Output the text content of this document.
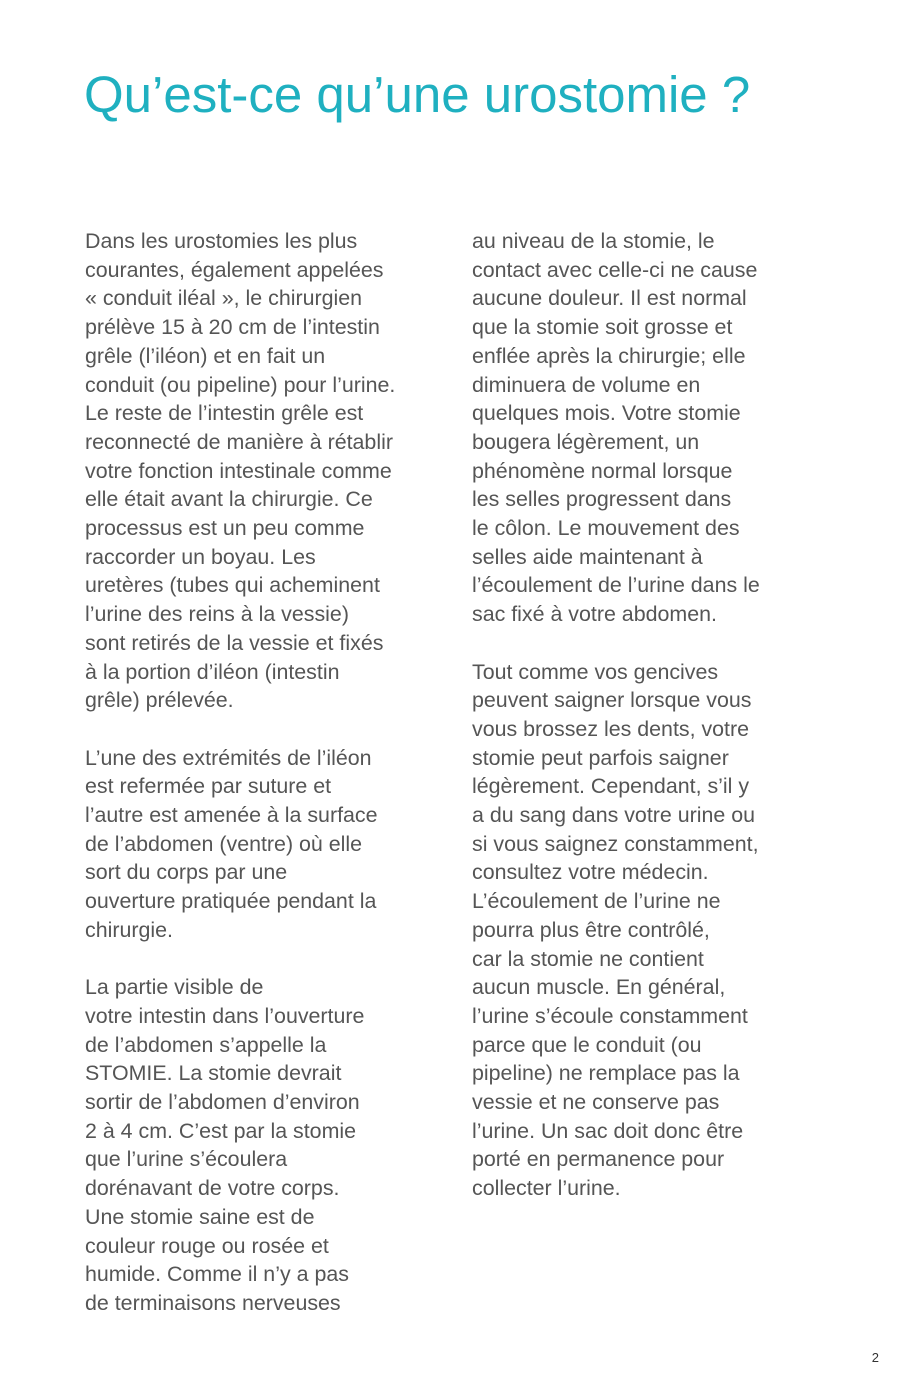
Qu’est-ce qu’une urostomie ?
Dans les urostomies les plus
courantes, également appelées
« conduit iléal », le chirurgien
prélève 15 à 20 cm de l’intestin
grêle (l’iléon) et en fait un
conduit (ou pipeline) pour l’urine.
Le reste de l’intestin grêle est
reconnecté de manière à rétablir
votre fonction intestinale comme
elle était avant la chirurgie. Ce
processus est un peu comme
raccorder un boyau. Les
uretères (tubes qui acheminent
l’urine des reins à la vessie)
sont retirés de la vessie et fixés
à la portion d’iléon (intestin
grêle) prélevée.
L’une des extrémités de l’iléon
est refermée par suture et
l’autre est amenée à la surface
de l’abdomen (ventre) où elle
sort du corps par une
ouverture pratiquée pendant la
chirurgie.
La partie visible de
votre intestin dans l’ouverture
de l’abdomen s’appelle la
STOMIE. La stomie devrait
sortir de l’abdomen d’environ
2 à 4 cm. C’est par la stomie
que l’urine s’écoulera
dorénavant de votre corps.
Une stomie saine est de
couleur rouge ou rosée et
humide. Comme il n’y a pas
de terminaisons nerveuses
au niveau de la stomie, le
contact avec celle-ci ne cause
aucune douleur. Il est normal
que la stomie soit grosse et
enflée après la chirurgie; elle
diminuera de volume en
quelques mois. Votre stomie
bougera légèrement, un
phénomène normal lorsque
les selles progressent dans
le côlon. Le mouvement des
selles aide maintenant à
l’écoulement de l’urine dans le
sac fixé à votre abdomen.
Tout comme vos gencives
peuvent saigner lorsque vous
vous brossez les dents, votre
stomie peut parfois saigner
légèrement. Cependant, s’il y
a du sang dans votre urine ou
si vous saignez constamment,
consultez votre médecin.
L’écoulement de l’urine ne
pourra plus être contrôlé,
car la stomie ne contient
aucun muscle. En général,
l’urine s’écoule constamment
parce que le conduit (ou
pipeline) ne remplace pas la
vessie et ne conserve pas
l’urine. Un sac doit donc être
porté en permanence pour
collecter l’urine.
2
